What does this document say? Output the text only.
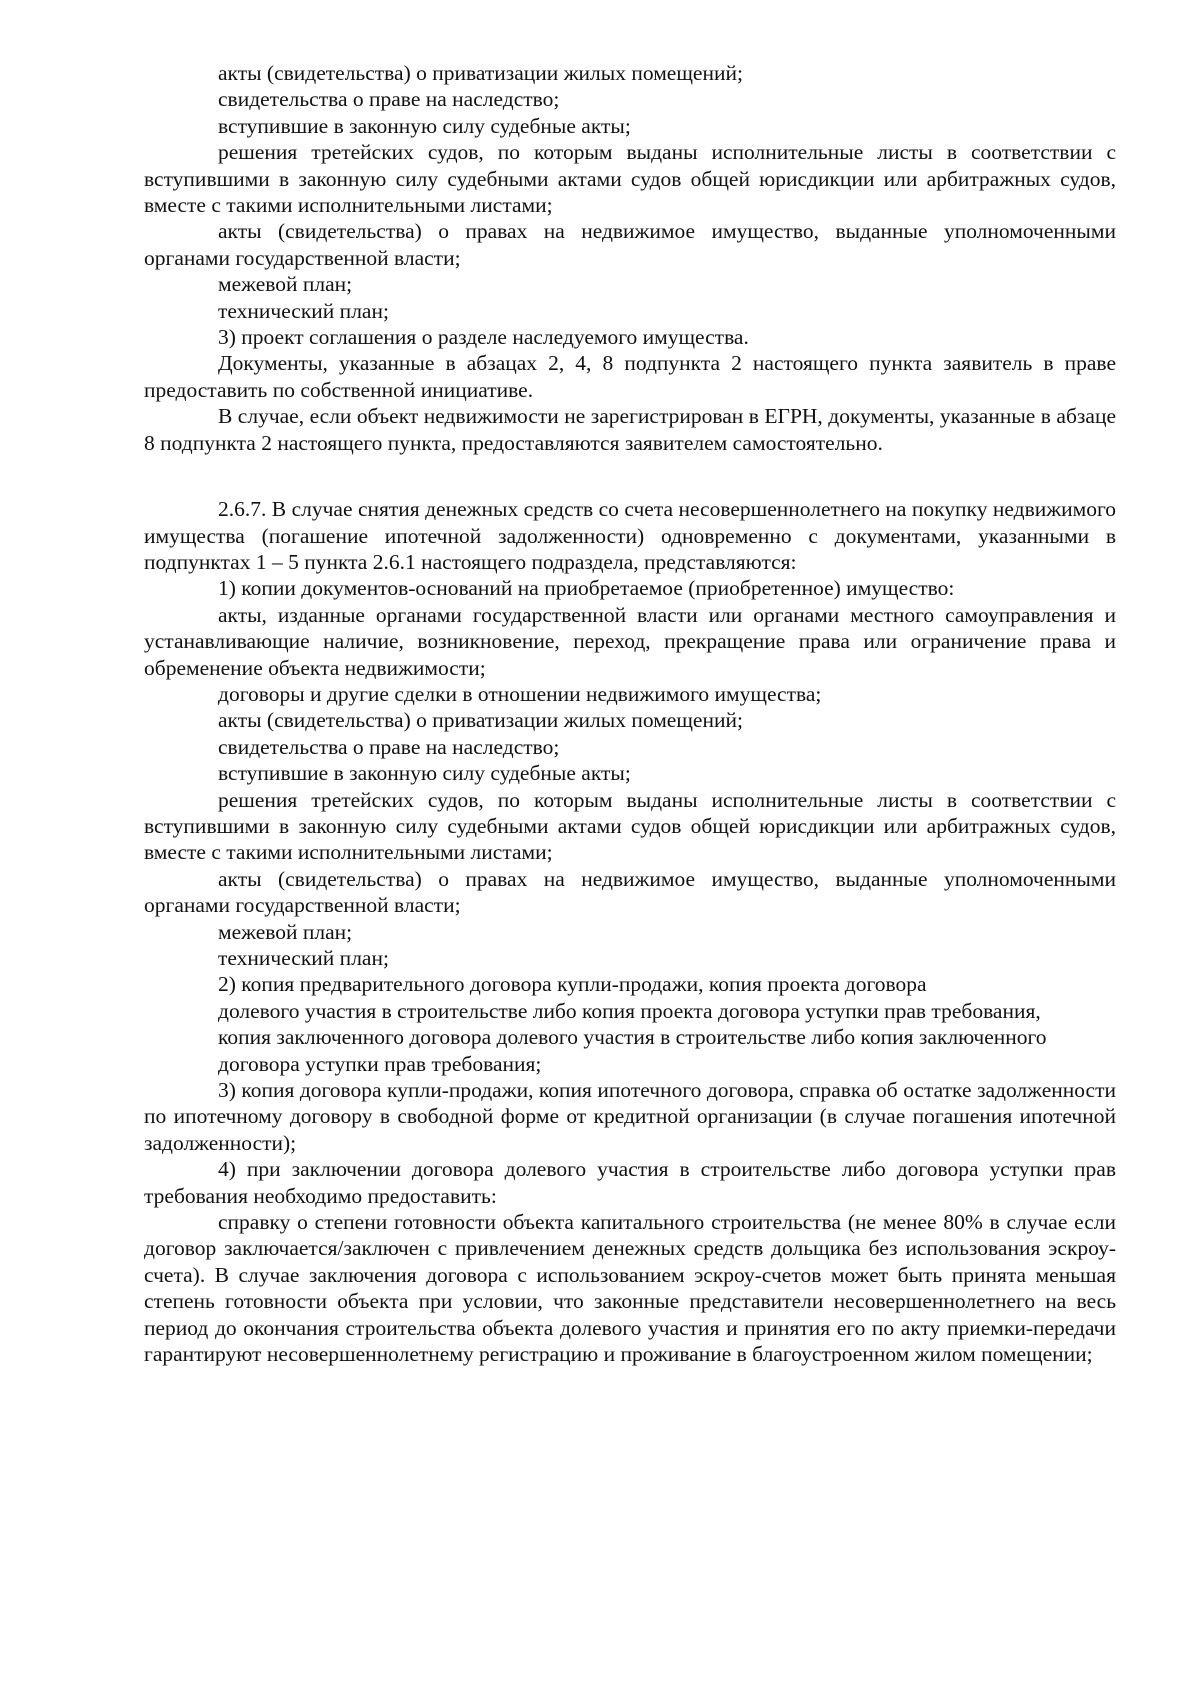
акты (свидетельства) о приватизации жилых помещений;

свидетельства о праве на наследство;

вступившие в законную силу судебные акты;

решения третейских судов, по которым выданы исполнительные листы в соответствии с вступившими в законную силу судебными актами судов общей юрисдикции или арбитражных судов, вместе с такими исполнительными листами;

акты (свидетельства) о правах на недвижимое имущество, выданные уполномоченными органами государственной власти;

межевой план;

технический план;

3) проект соглашения о разделе наследуемого имущества.

Документы, указанные в абзацах 2, 4, 8 подпункта 2 настоящего пункта заявитель в праве предоставить по собственной инициативе.

В случае, если объект недвижимости не зарегистрирован в ЕГРН, документы, указанные в абзаце 8 подпункта 2 настоящего пункта, предоставляются заявителем самостоятельно.

2.6.7. В случае снятия денежных средств со счета несовершеннолетнего на покупку недвижимого имущества (погашение ипотечной задолженности) одновременно с документами, указанными в подпунктах 1 – 5 пункта 2.6.1 настоящего подраздела, представляются:

1) копии документов-оснований на приобретаемое (приобретенное) имущество:

акты, изданные органами государственной власти или органами местного самоуправления и устанавливающие наличие, возникновение, переход, прекращение права или ограничение права и обременение объекта недвижимости;

договоры и другие сделки в отношении недвижимого имущества;

акты (свидетельства) о приватизации жилых помещений;

свидетельства о праве на наследство;

вступившие в законную силу судебные акты;

решения третейских судов, по которым выданы исполнительные листы в соответствии с вступившими в законную силу судебными актами судов общей юрисдикции или арбитражных судов, вместе с такими исполнительными листами;

акты (свидетельства) о правах на недвижимое имущество, выданные уполномоченными органами государственной власти;

межевой план;

технический план;

2) копия предварительного договора купли-продажи, копия проекта договора

долевого участия в строительстве либо копия проекта договора уступки прав требования,

копия заключенного договора долевого участия в строительстве либо копия заключенного

договора уступки прав требования;

3) копия договора купли-продажи, копия ипотечного договора, справка об остатке задолженности по ипотечному договору в свободной форме от кредитной организации (в случае погашения ипотечной задолженности);

4) при заключении договора долевого участия в строительстве либо договора уступки прав требования необходимо предоставить:

справку о степени готовности объекта капитального строительства (не менее 80% в случае если договор заключается/заключен с привлечением денежных средств дольщика без использования эскроу-счета). В случае заключения договора с использованием эскроу-счетов может быть принята меньшая степень готовности объекта при условии, что законные представители несовершеннолетнего на весь период до окончания строительства объекта долевого участия и принятия его по акту приемки-передачи гарантируют несовершеннолетнему регистрацию и проживание в благоустроенном жилом помещении;
